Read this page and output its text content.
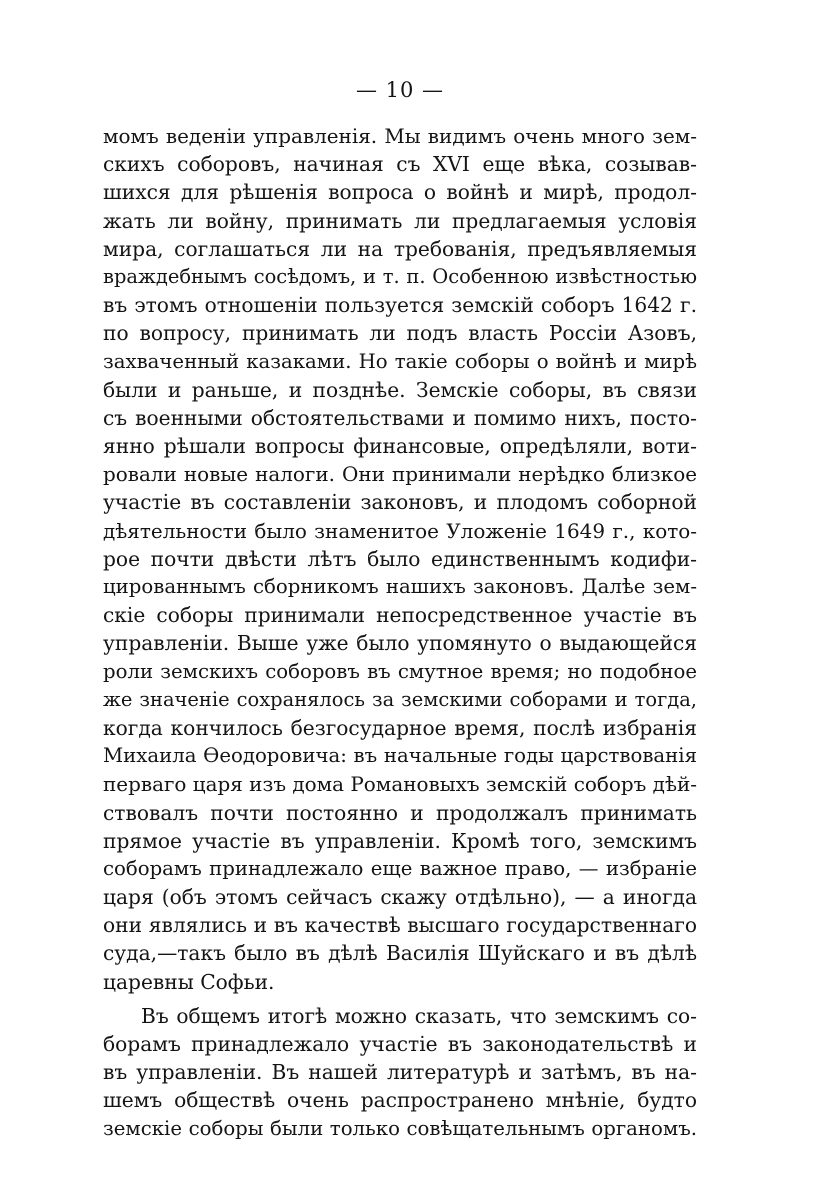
— 10 —
момъ веденіи управленія. Мы видимъ очень много зем-
скихъ соборовъ, начиная съ XVI еще вѣка, созывав-
шихся для рѣшенія вопроса о войнѣ и мирѣ, продол-
жать ли войну, принимать ли предлагаемыя условія
мира, соглашаться ли на требованія, предъявляемыя
враждебнымъ сосѣдомъ, и т. п. Особенною извѣстностью
въ этомъ отношеніи пользуется земскій соборъ 1642 г.
по вопросу, принимать ли подъ власть Россіи Азовъ,
захваченный казаками. Но такіе соборы о войнѣ и мирѣ
были и раньше, и позднѣе. Земскіе соборы, въ связи
съ военными обстоятельствами и помимо нихъ, посто-
янно рѣшали вопросы финансовые, опредѣляли, воти-
ровали новые налоги. Они принимали нерѣдко близкое
участіе въ составленіи законовъ, и плодомъ соборной
дѣятельности было знаменитое Уложеніе 1649 г., кото-
рое почти двѣсти лѣтъ было единственнымъ кодифи-
цированнымъ сборникомъ нашихъ законовъ. Далѣе зем-
скіе соборы принимали непосредственное участіе въ
управленіи. Выше уже было упомянуто о выдающейся
роли земскихъ соборовъ въ смутное время; но подобное
же значеніе сохранялось за земскими соборами и тогда,
когда кончилось безгосударное время, послѣ избранія
Михаила Ѳеодоровича: въ начальные годы царствованія
перваго царя изъ дома Романовыхъ земскій соборъ дѣй-
ствовалъ почти постоянно и продолжалъ принимать
прямое участіе въ управленіи. Кромѣ того, земскимъ
соборамъ принадлежало еще важное право, — избраніе
царя (объ этомъ сейчасъ скажу отдѣльно), — а иногда
они являлись и въ качествѣ высшаго государственнаго
суда,—такъ было въ дѣлѣ Василія Шуйскаго и въ дѣлѣ
царевны Софьи.
Въ общемъ итогѣ можно сказать, что земскимъ со-
борамъ принадлежало участіе въ законодательствѣ и
въ управленіи. Въ нашей литературѣ и затѣмъ, въ на-
шемъ обществѣ очень распространено мнѣніе, будто
земскіе соборы были только совѣщательнымъ органомъ.
